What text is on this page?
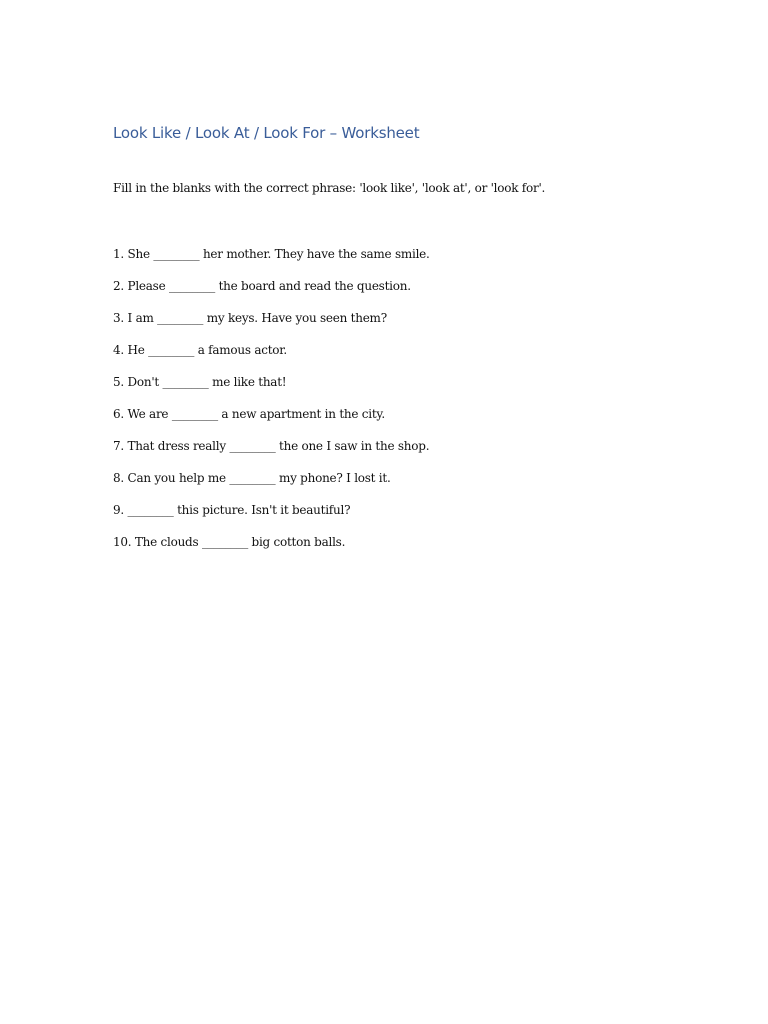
Look Like / Look At / Look For – Worksheet

Fill in the blanks with the correct phrase: 'look like', 'look at', or 'look for'.

1. She ________ her mother. They have the same smile.
2. Please ________ the board and read the question.
3. I am ________ my keys. Have you seen them?
4. He ________ a famous actor.
5. Don't ________ me like that!
6. We are ________ a new apartment in the city.
7. That dress really ________ the one I saw in the shop.
8. Can you help me ________ my phone? I lost it.
9. ________ this picture. Isn't it beautiful?
10. The clouds ________ big cotton balls.
